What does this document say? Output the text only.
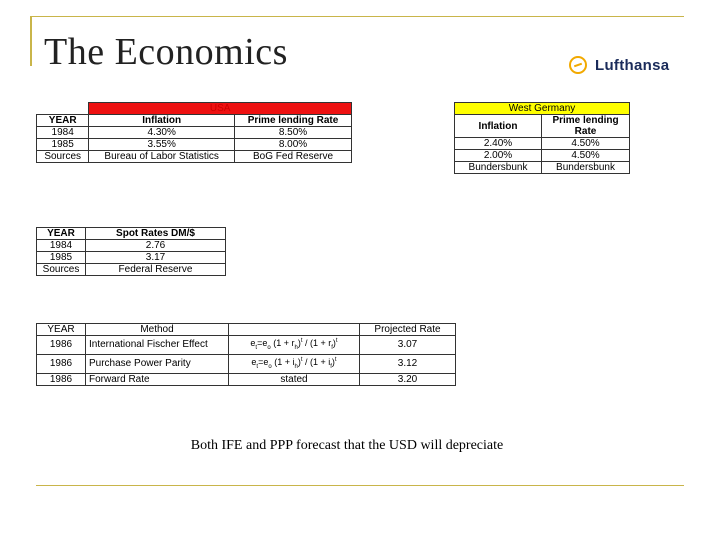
The Economics	Lufthansa
	USA	
YEAR	Inflation	Prime lending Rate
1984	4.30%	8.50%
1985	3.55%	8.00%
Sources	Bureau of Labor Statistics	BoG Fed Reserve
West Germany	
Inflation	Prime lending Rate
2.40%	4.50%
2.00%	4.50%
Bundersbunk	Bundersbunk
YEAR	Spot Rates DM/$
1984	2.76
1985	3.17
Sources	Federal Reserve
YEAR	Method		Projected Rate
1986	International Fischer Effect	$e_t=e_o$ $(1 + r_h)^t / (1 + r_f)^t$	3.07
1986	Purchase Power Parity	$e_t=e_o$ $(1 + i_h)^t / (1 + i_f)^t$	3.12
1986	Forward Rate	stated	3.20
Both IFE and PPP forecast that the USD will depreciate
